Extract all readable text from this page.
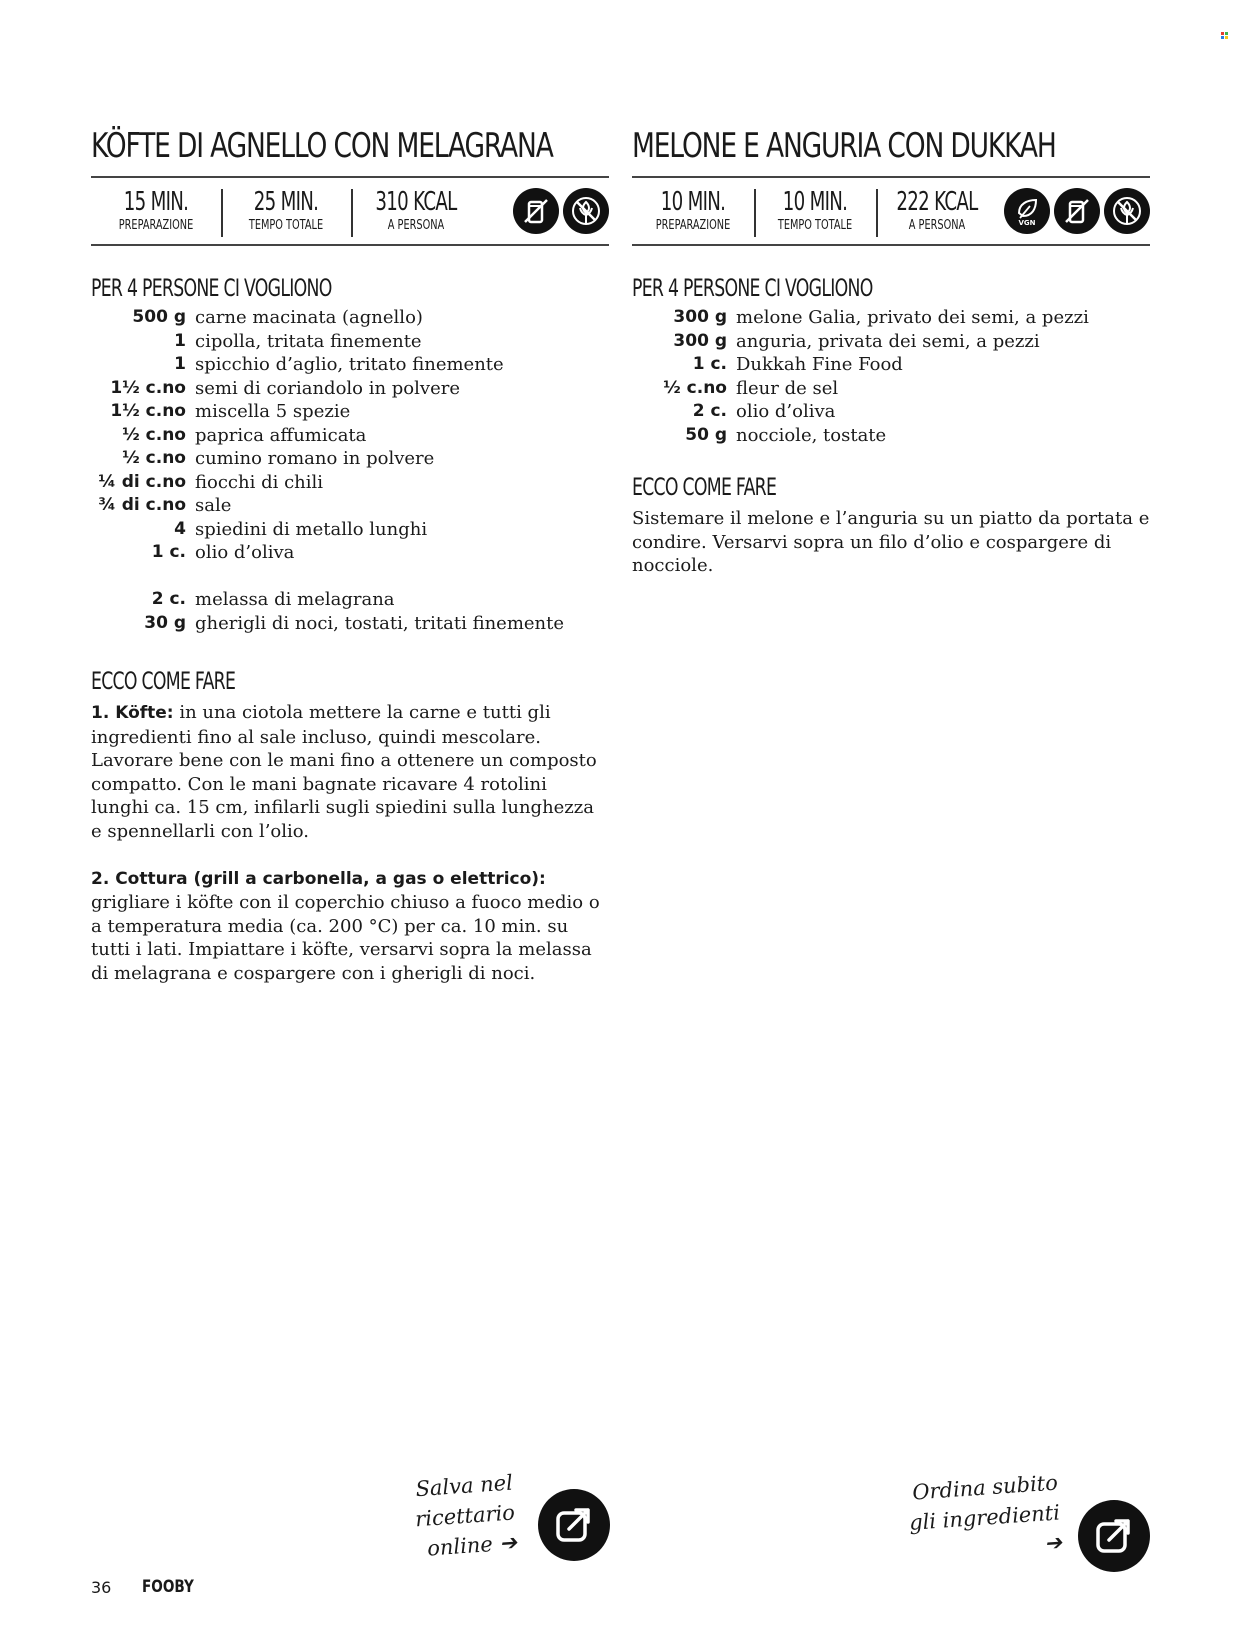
KÖFTE DI AGNELLO CON MELAGRANA
15 MIN.
PREPARAZIONE
25 MIN.
TEMPO TOTALE
310 KCAL
A PERSONA
PER 4 PERSONE CI VOGLIONO
500 g	carne macinata (agnello)
1	cipolla, tritata finemente
1	spicchio d’aglio, tritato finemente
1½ c.no	semi di coriandolo in polvere
1½ c.no	miscella 5 spezie
½ c.no	paprica affumicata
½ c.no	cumino romano in polvere
¼ di c.no	fiocchi di chili
¾ di c.no	sale
4	spiedini di metallo lunghi
1 c.	olio d’oliva

2 c.	melassa di melagrana
30 g	gherigli di noci, tostati, tritati finemente
ECCO COME FARE

1. Köfte: in una ciotola mettere la carne e tutti gli ingredienti fino al sale incluso, quindi mescolare. Lavorare bene con le mani fino a ottenere un composto compatto. Con le mani bagnate ricavare 4 rotolini lunghi ca. 15 cm, infilarli sugli spiedini sulla lunghezza e spennellarli con l’olio.

2. Cottura (grill a carbonella, a gas o elettrico): grigliare i köfte con il coperchio chiuso a fuoco medio o a temperatura media (ca. 200 °C) per ca. 10 min. su tutti i lati. Impiattare i köfte, versarvi sopra la melassa di melagrana e cospargere con i gherigli di noci.

MELONE E ANGURIA CON DUKKAH
10 MIN.
PREPARAZIONE
10 MIN.
TEMPO TOTALE
222 KCAL
A PERSONA	VGN
PER 4 PERSONE CI VOGLIONO
300 g	melone Galia, privato dei semi, a pezzi
300 g	anguria, privata dei semi, a pezzi
1 c.	Dukkah Fine Food
½ c.no	fleur de sel
2 c.	olio d’oliva
50 g	nocciole, tostate
ECCO COME FARE

Sistemare il melone e l’anguria su un piatto da portata e condire. Versarvi sopra un filo d’olio e cospargere di nocciole.

Salva nel
ricettario online ➔
Ordina subito
gli ingredienti ➔
36 FOOBY
